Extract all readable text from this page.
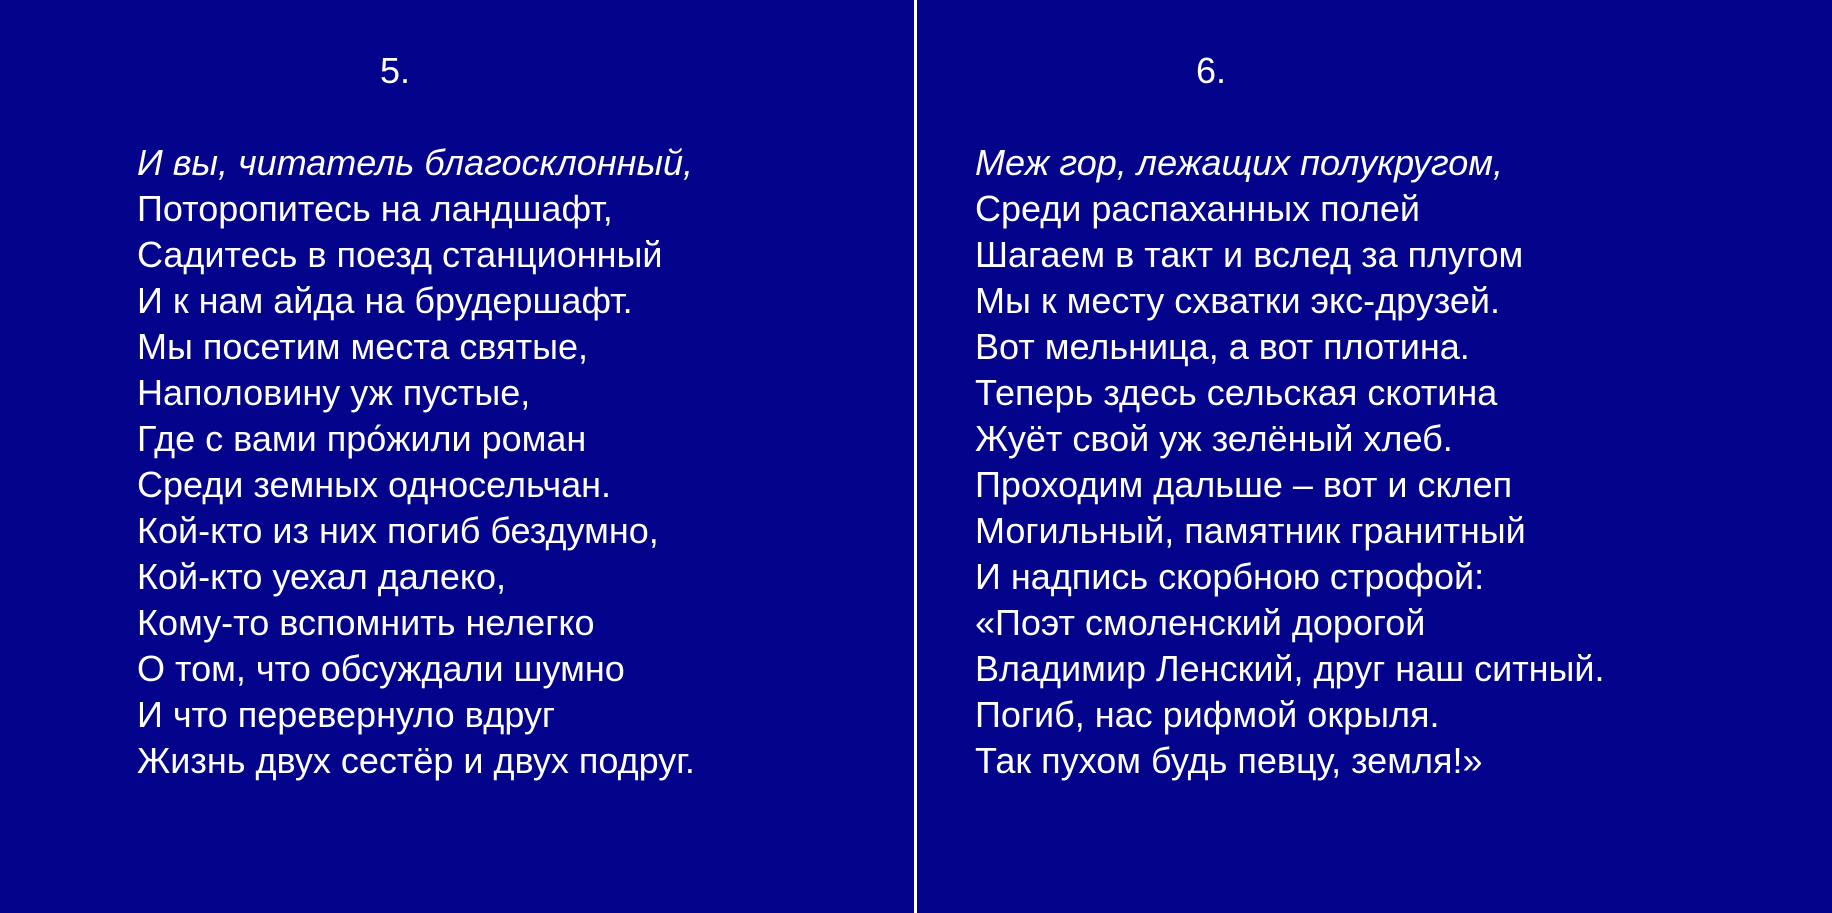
5.
И вы, читатель благосклонный,
Поторопитесь на ландшафт,
Садитесь в поезд станционный
И к нам айда на брудершафт.
Мы посетим места святые,
Наполовину уж пустые,
Где с вами про́жили роман
Среди земных односельчан.
Кой-кто из них погиб бездумно,
Кой-кто уехал далеко,
Кому-то вспомнить нелегко
О том, что обсуждали шумно
И что перевернуло вдруг
Жизнь двух сестёр и двух подруг.
6.
Меж гор, лежащих полукругом,
Среди распаханных полей
Шагаем в такт и вслед за плугом
Мы к месту схватки экс-друзей.
Вот мельница, а вот плотина.
Теперь здесь сельская скотина
Жуёт свой уж зелёный хлеб.
Проходим дальше – вот и склеп
Могильный, памятник гранитный
И надпись скорбною строфой:
«Поэт смоленский дорогой
Владимир Ленский, друг наш ситный.
Погиб, нас рифмой окрыля.
Так пухом будь певцу, земля!»
